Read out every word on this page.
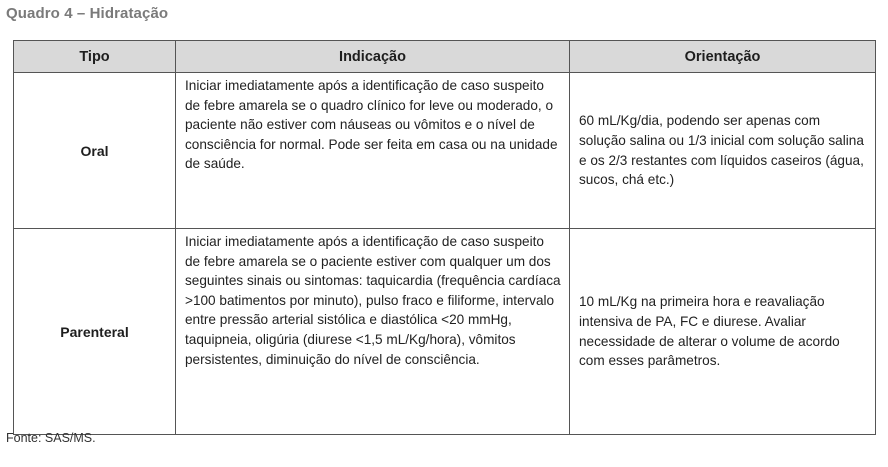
Quadro 4 – Hidratação
Tipo	Indicação	Orientação
Oral	Iniciar imediatamente após a identificação de caso suspeito de febre amarela se o quadro clínico for leve ou moderado, o paciente não estiver com náuseas ou vômitos e o nível de consciência for normal. Pode ser feita em casa ou na unidade de saúde.	60 mL/Kg/dia, podendo ser apenas com solução salina ou 1/3 inicial com solução salina e os 2/3 restantes com líquidos caseiros (água, sucos, chá etc.)
Parenteral	Iniciar imediatamente após a identificação de caso suspeito de febre amarela se o paciente estiver com qualquer um dos seguintes sinais ou sintomas: taquicardia (frequência cardíaca >100 batimentos por minuto), pulso fraco e filiforme, intervalo entre pressão arterial sistólica e diastólica <20 mmHg, taquipneia, oligúria (diurese <1,5 mL/Kg/hora), vômitos persistentes, diminuição do nível de consciência.	10 mL/Kg na primeira hora e reavaliação intensiva de PA, FC e diurese. Avaliar necessidade de alterar o volume de acordo com esses parâmetros.
Fonte: SAS/MS.
